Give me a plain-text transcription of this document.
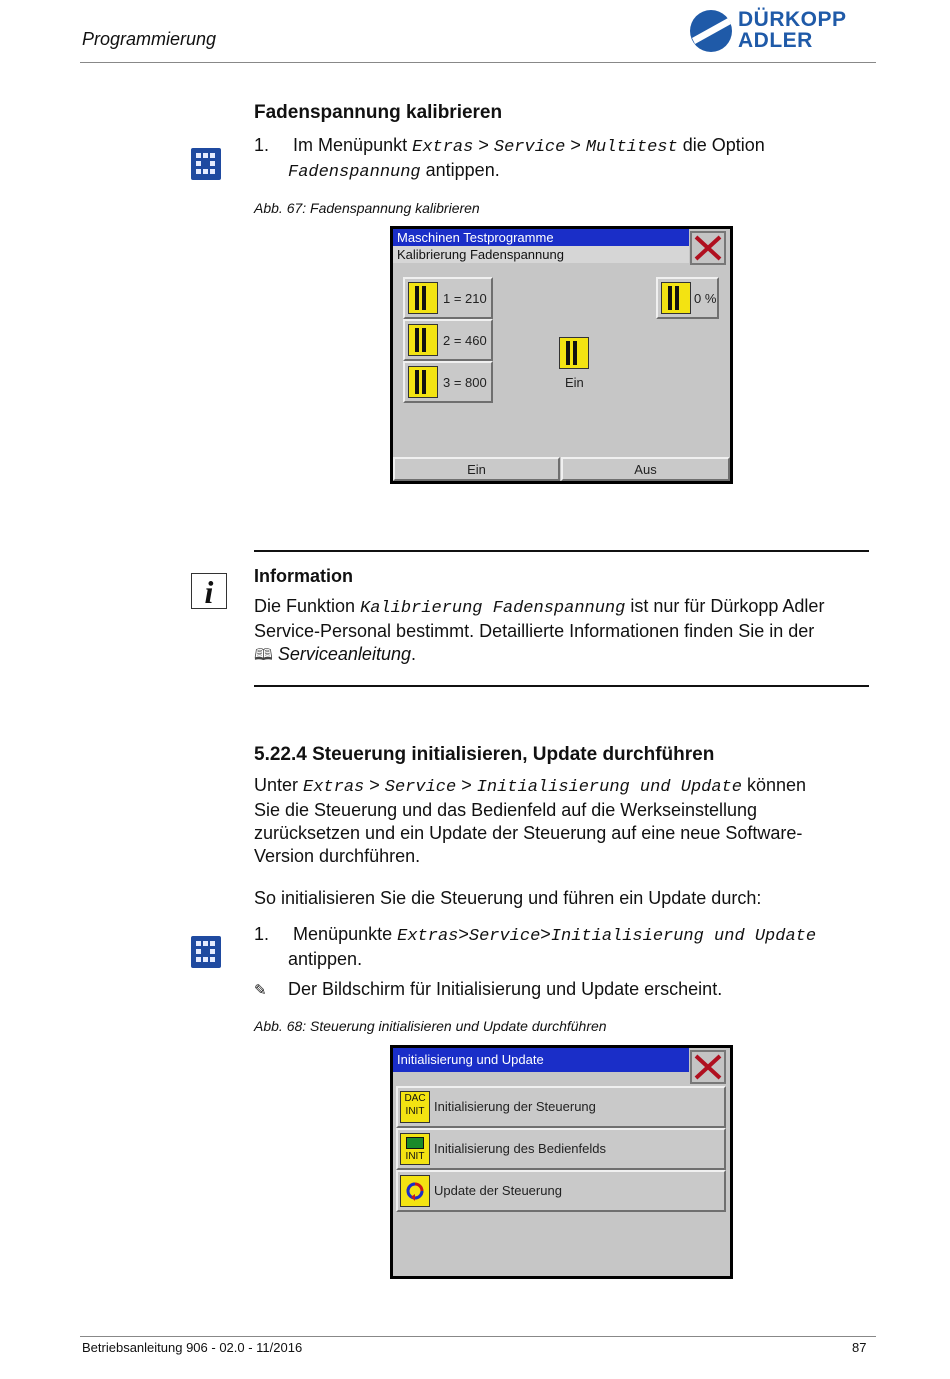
Programmierung
DÜRKOPP
ADLER
Fadenspannung kalibrieren
1. Im Menüpunkt Extras > Service > Multitest die Option
Fadenspannung antippen.
Abb. 67: Fadenspannung kalibrieren
Maschinen Testprogramme
Kalibrierung Fadenspannung
1 = 210
2 = 460
3 = 800
0 %
Ein
Ein	Aus
i	Information
Die Funktion Kalibrierung Fadenspannung ist nur für Dürkopp Adler
Service-Personal bestimmt. Detaillierte Informationen finden Sie in der
🕮 Serviceanleitung.
5.22.4 Steuerung initialisieren, Update durchführen
Unter Extras > Service > Initialisierung und Update können
Sie die Steuerung und das Bedienfeld auf die Werkseinstellung
zurücksetzen und ein Update der Steuerung auf eine neue Software-
Version durchführen.
So initialisieren Sie die Steuerung und führen ein Update durch:
1. Menüpunkte Extras>Service>Initialisierung und Update
antippen.
✎ Der Bildschirm für Initialisierung und Update erscheint.
Abb. 68: Steuerung initialisieren und Update durchführen
Initialisierung und Update
DAC
INIT Initialisierung der Steuerung
INIT
Initialisierung des Bedienfelds
Update der Steuerung
Betriebsanleitung 906 - 02.0 - 11/2016	87
